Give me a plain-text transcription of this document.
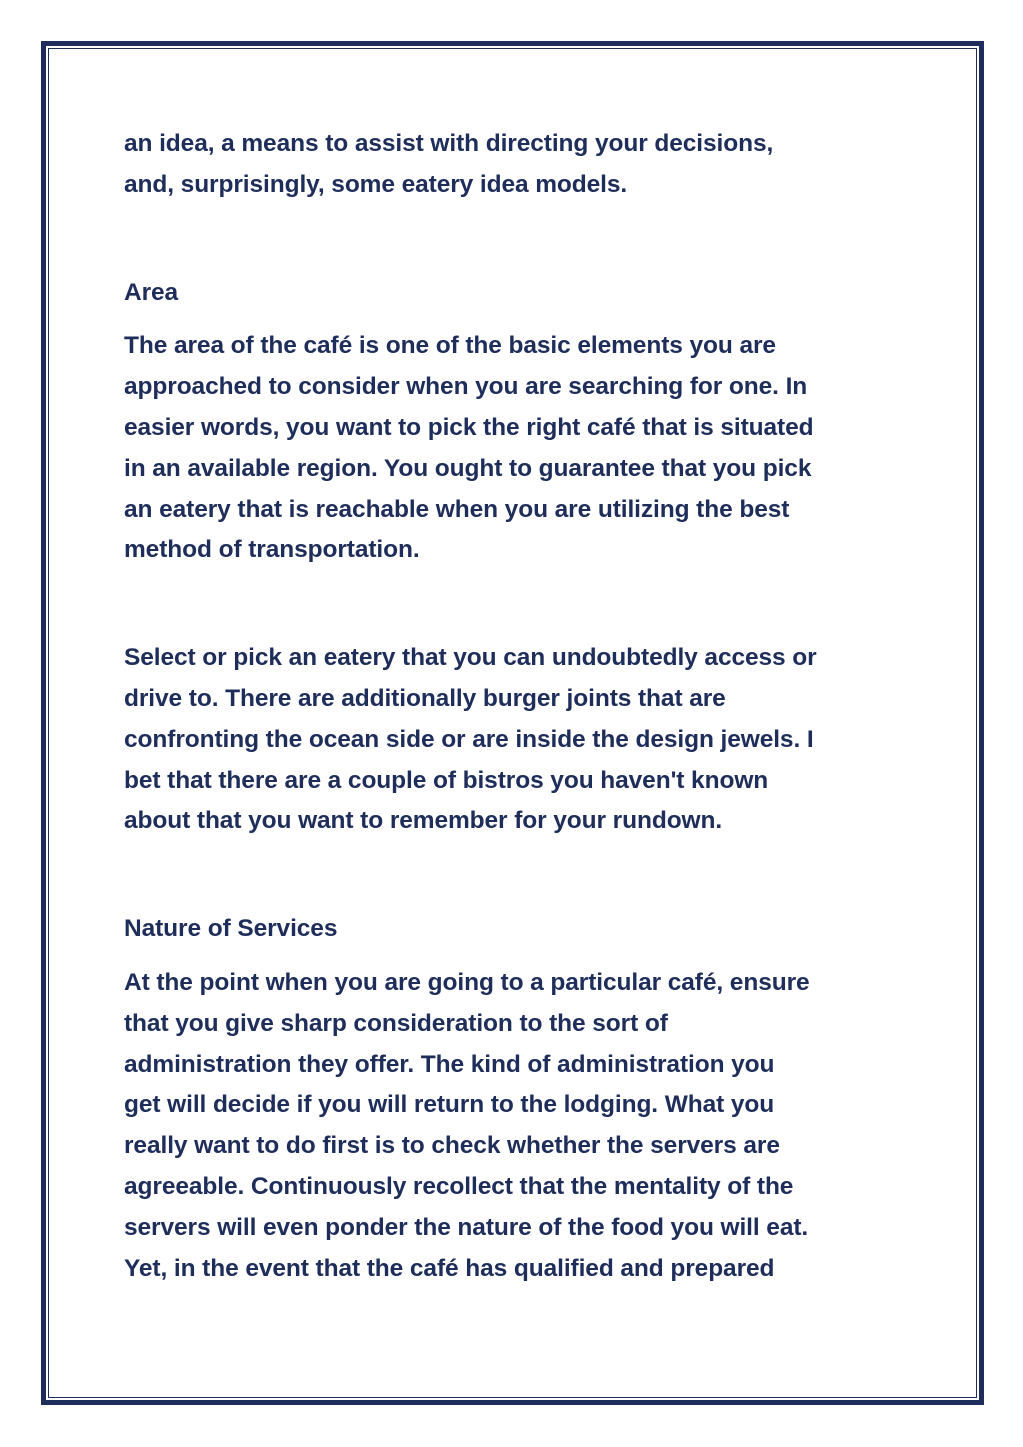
an idea, a means to assist with directing your decisions,

and, surprisingly, some eatery idea models.

Area

The area of the café is one of the basic elements you are

approached to consider when you are searching for one. In

easier words, you want to pick the right café that is situated

in an available region. You ought to guarantee that you pick

an eatery that is reachable when you are utilizing the best

method of transportation.

Select or pick an eatery that you can undoubtedly access or

drive to. There are additionally burger joints that are

confronting the ocean side or are inside the design jewels. I

bet that there are a couple of bistros you haven't known

about that you want to remember for your rundown.

Nature of Services

At the point when you are going to a particular café, ensure

that you give sharp consideration to the sort of

administration they offer. The kind of administration you

get will decide if you will return to the lodging. What you

really want to do first is to check whether the servers are

agreeable. Continuously recollect that the mentality of the

servers will even ponder the nature of the food you will eat.

Yet, in the event that the café has qualified and prepared
